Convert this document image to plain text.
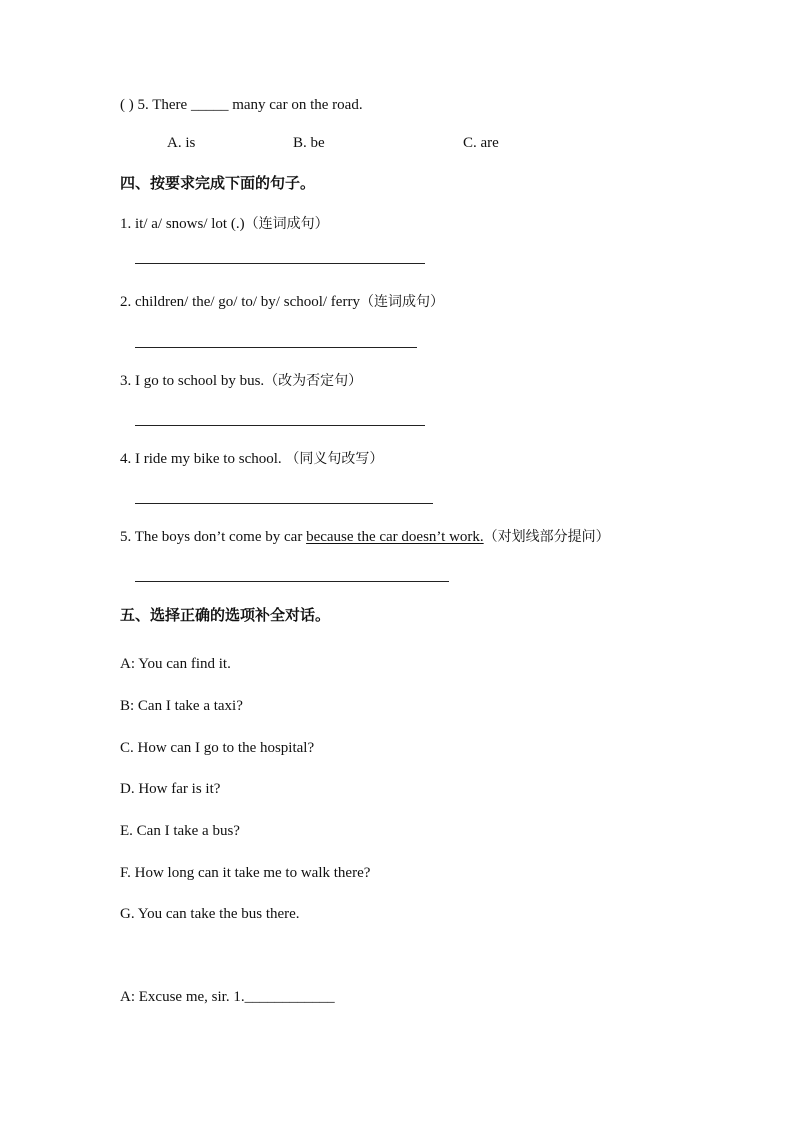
( ) 5. There _____ many car on the road.
A. is	B. be	C. are
四、按要求完成下面的句子。
1. it/ a/ snows/ lot (.)（连词成句）
2. children/ the/ go/ to/ by/ school/ ferry（连词成句）
3. I go to school by bus.（改为否定句）
4. I ride my bike to school. （同义句改写）
5. The boys don’t come by car because the car doesn’t work.（对划线部分提问）
五、选择正确的选项补全对话。
A: You can find it.
B: Can I take a taxi?
C. How can I go to the hospital?
D. How far is it?
E. Can I take a bus?
F. How long can it take me to walk there?
G. You can take the bus there.
A: Excuse me, sir. 1.____________
